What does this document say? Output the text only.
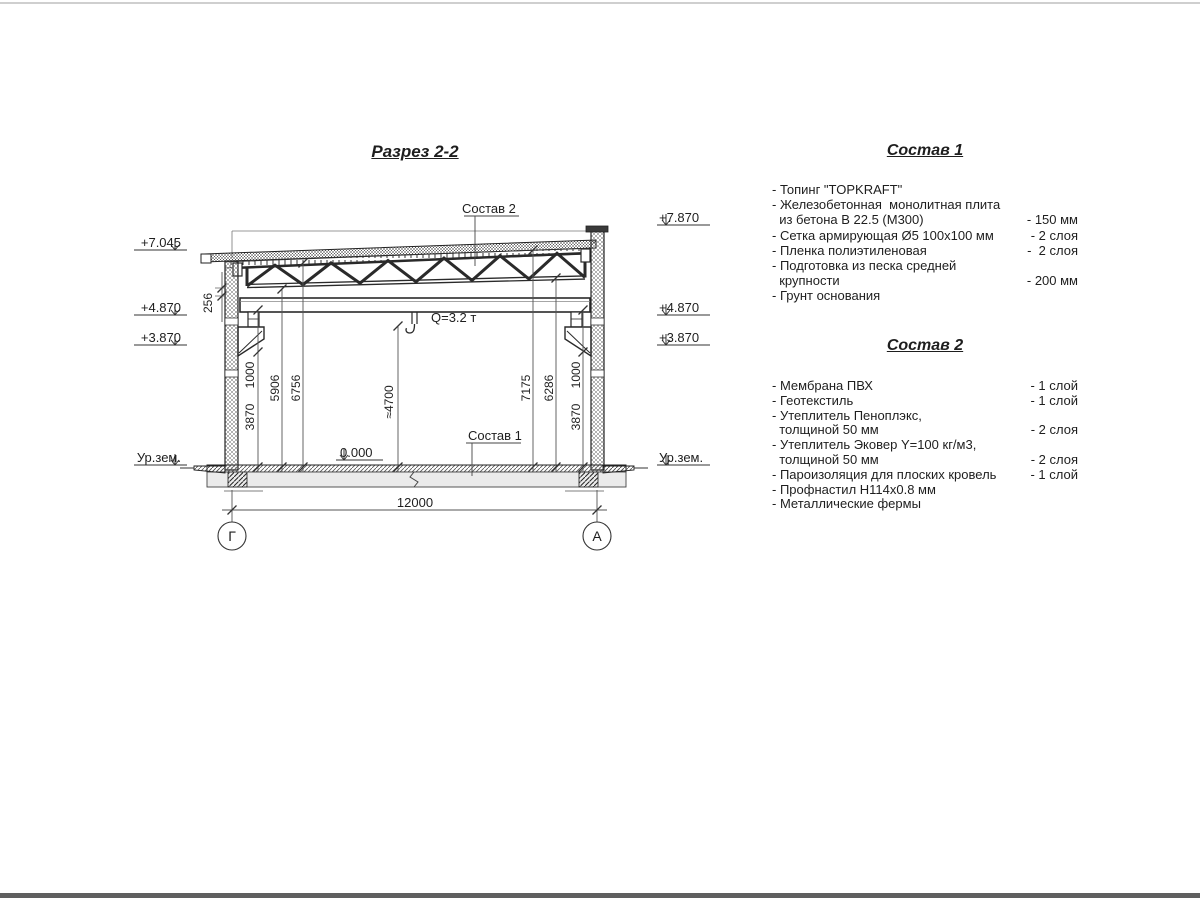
Разрез 2-2
Состав 2
Состав 1
0.000
Q=3.2 т
+7.045
+4.870
+3.870
Ур.зем.
+7.870
+4.870
+3.870
Ур.зем.
1000
3870
5906 6756	≈4700	7175 6286 1000
3870
256
12000
Г	А
Состав 1
- Топинг "TOPKRAFT"
- Железобетонная  монолитная плита
из бетона В 22.5 (М300)	- 150 мм
- Сетка армирующая Ø5 100x100 мм	- 2 слоя
- Пленка полиэтиленовая	-  2 слоя
- Подготовка из песка средней
крупности	- 200 мм
- Грунт основания
Состав 2
- Мембрана ПВХ	- 1 слой
- Геотекстиль	- 1 слой
- Утеплитель Пеноплэкс,
толщиной 50 мм	- 2 слоя
- Утеплитель Эковер Y=100 кг/м3,
толщиной 50 мм	- 2 слоя
- Пароизоляция для плоских кровель	- 1 слой
- Профнастил Н114x0.8 мм
- Металлические фермы
